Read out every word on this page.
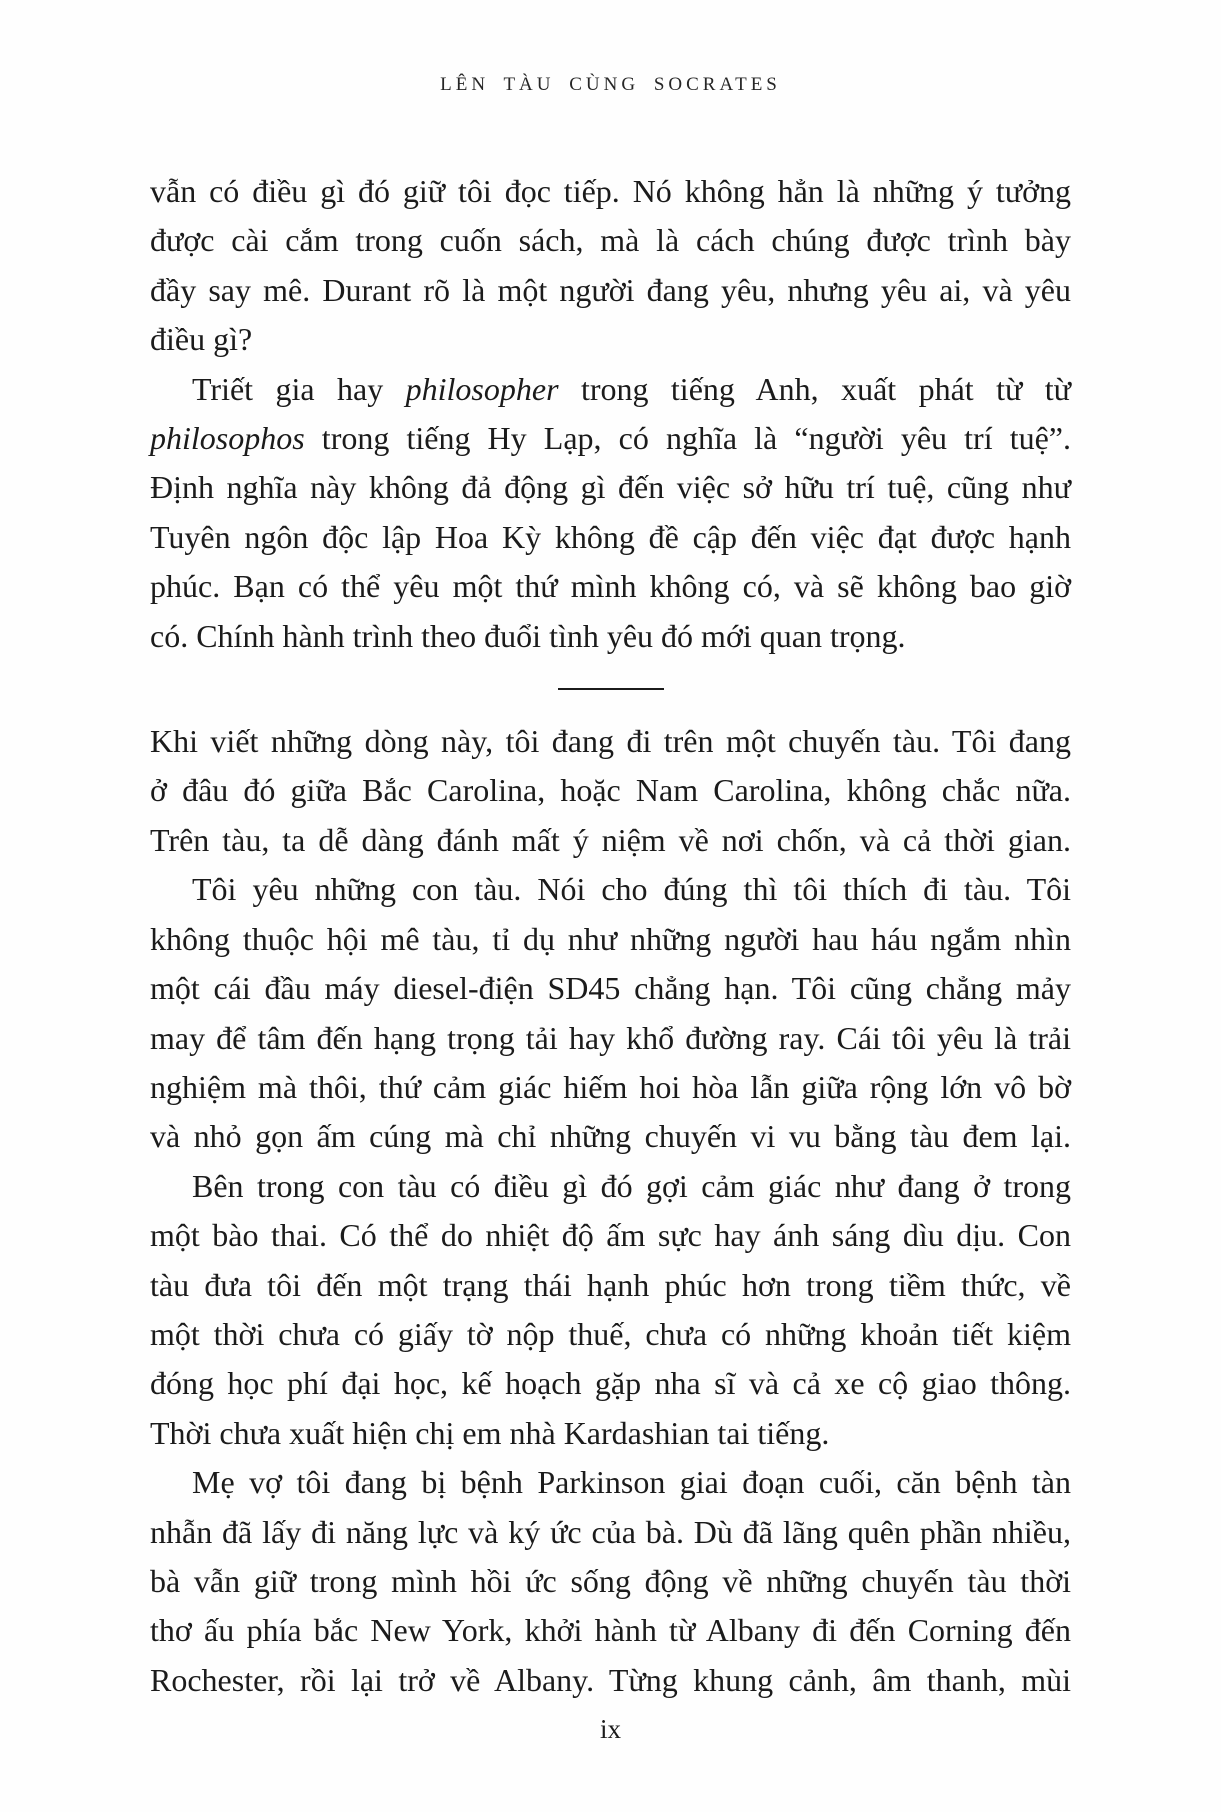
LÊN TÀU CÙNG SOCRATES

vẫn có điều gì đó giữ tôi đọc tiếp. Nó không hẳn là những ý tưởng
được cài cắm trong cuốn sách, mà là cách chúng được trình bày
đầy say mê. Durant rõ là một người đang yêu, nhưng yêu ai, và yêu
điều gì?

Triết gia hay philosopher trong tiếng Anh, xuất phát từ từ
philosophos trong tiếng Hy Lạp, có nghĩa là “người yêu trí tuệ”.
Định nghĩa này không đả động gì đến việc sở hữu trí tuệ, cũng như
Tuyên ngôn độc lập Hoa Kỳ không đề cập đến việc đạt được hạnh
phúc. Bạn có thể yêu một thứ mình không có, và sẽ không bao giờ
có. Chính hành trình theo đuổi tình yêu đó mới quan trọng.

Khi viết những dòng này, tôi đang đi trên một chuyến tàu. Tôi đang
ở đâu đó giữa Bắc Carolina, hoặc Nam Carolina, không chắc nữa.
Trên tàu, ta dễ dàng đánh mất ý niệm về nơi chốn, và cả thời gian.

Tôi yêu những con tàu. Nói cho đúng thì tôi thích đi tàu. Tôi
không thuộc hội mê tàu, tỉ dụ như những người hau háu ngắm nhìn
một cái đầu máy diesel-điện SD45 chẳng hạn. Tôi cũng chẳng mảy
may để tâm đến hạng trọng tải hay khổ đường ray. Cái tôi yêu là trải
nghiệm mà thôi, thứ cảm giác hiếm hoi hòa lẫn giữa rộng lớn vô bờ
và nhỏ gọn ấm cúng mà chỉ những chuyến vi vu bằng tàu đem lại.

Bên trong con tàu có điều gì đó gợi cảm giác như đang ở trong
một bào thai. Có thể do nhiệt độ ấm sực hay ánh sáng dìu dịu. Con
tàu đưa tôi đến một trạng thái hạnh phúc hơn trong tiềm thức, về
một thời chưa có giấy tờ nộp thuế, chưa có những khoản tiết kiệm
đóng học phí đại học, kế hoạch gặp nha sĩ và cả xe cộ giao thông.
Thời chưa xuất hiện chị em nhà Kardashian tai tiếng.

Mẹ vợ tôi đang bị bệnh Parkinson giai đoạn cuối, căn bệnh tàn
nhẫn đã lấy đi năng lực và ký ức của bà. Dù đã lãng quên phần nhiều,
bà vẫn giữ trong mình hồi ức sống động về những chuyến tàu thời
thơ ấu phía bắc New York, khởi hành từ Albany đi đến Corning đến
Rochester, rồi lại trở về Albany. Từng khung cảnh, âm thanh, mùi

ix
